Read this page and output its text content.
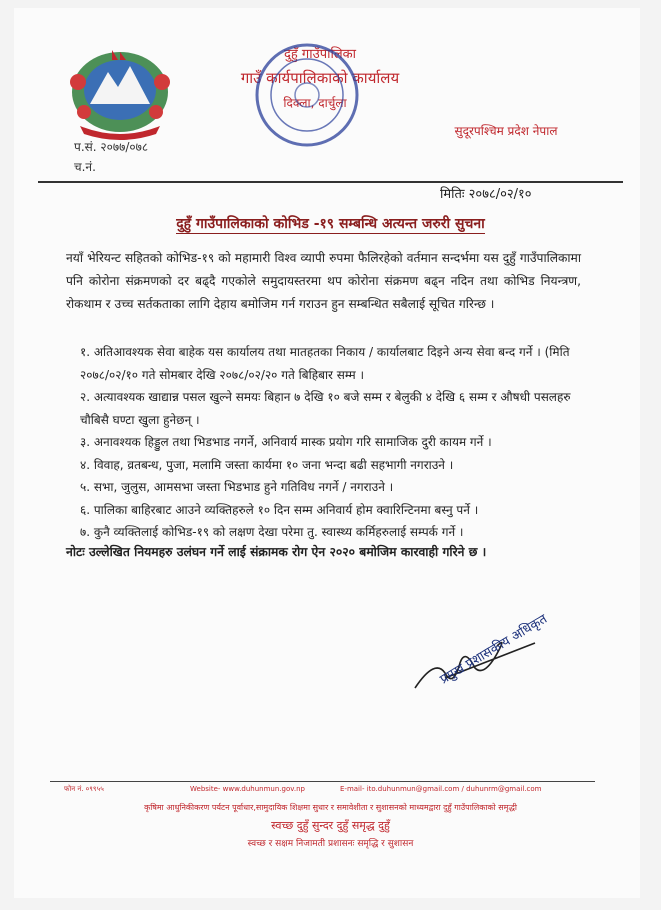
प.सं. २०७७/०७८
च.नं.
दुहुँ गाउँपालिका
गाउँ कार्यपालिकाको कार्यालय
दिक्ला, दार्चुला
सुदूरपश्चिम प्रदेश नेपाल
मितिः २०७८/०२/१०
दुहुँ गाउँपालिकाको कोभिड -१९ सम्बन्धि अत्यन्त जरुरी सुचना
नयाँ भेरियन्ट सहितको कोभिड-१९ को महामारी विश्व व्यापी रुपमा फैलिरहेको वर्तमान सन्दर्भमा यस दुहुँ गाउँपालिकामा पनि कोरोना संक्रमणको दर बढ्दै गएकोले समुदायस्तरमा थप कोरोना संक्रमण बढ्न नदिन तथा कोभिड नियन्त्रण, रोकथाम र उच्च सर्तकताका लागि देहाय बमोजिम गर्न गराउन हुन सम्बन्धित सबैलाई सूचित गरिन्छ ।
१. अतिआवश्यक सेवा बाहेक यस कार्यालय तथा मातहतका निकाय / कार्यालबाट दिइने अन्य सेवा बन्द गर्ने । (मिति २०७८/०२/१० गते सोमबार देखि २०७८/०२/२० गते बिहिबार सम्म ।
२. अत्यावश्यक खाद्यान्न पसल खुल्ने समयः बिहान ७ देखि १० बजे सम्म र बेलुकी ४ देखि ६ सम्म र औषधी पसलहरु चौबिसै घण्टा खुला हुनेछन् ।
३. अनावश्यक हिड्डुल तथा भिडभाड नगर्ने, अनिवार्य मास्क प्रयोग गरि सामाजिक दुरी कायम गर्ने ।
४. विवाह, व्रतबन्ध, पुजा, मलामि जस्ता कार्यमा १० जना भन्दा बढी सहभागी नगराउने ।
५. सभा, जुलुस, आमसभा जस्ता भिडभाड हुने गतिविध नगर्ने / नगराउने ।
६. पालिका बाहिरबाट आउने व्यक्तिहरुले १० दिन सम्म अनिवार्य होम क्वारिन्टिनमा बस्नु पर्ने ।
७. कुनै व्यक्तिलाई कोभिड-१९ को लक्षण देखा परेमा तु. स्वास्थ्य कर्मिहरुलाई सम्पर्क गर्ने ।
नोटः उल्लेखित नियमहरु उलंघन गर्ने लाई संक्रामक रोग ऐन २०२० बमोजिम कारवाही गरिने छ ।
प्रमुख प्रशासकीय अधिकृत
फोन नं. ०९९५५	Website- www.duhunmun.gov.np	E-mail- ito.duhunmun@gmail.com / duhunrm@gmail.com
कृषिमा आधुनिकीकरण पर्यटन पूर्वाधार,सामुदायिक शिक्षमा सुधार र समावेशीता र सुशासनको माध्यमद्वारा दुहुँ गाउँपालिकाको समृद्धी
स्वच्छ दुहुँ सुन्दर दुहुँ समृद्ध दुहुँ
स्वच्छ र सक्षम निजामती प्रशासनः समृद्धि र सुशासन
